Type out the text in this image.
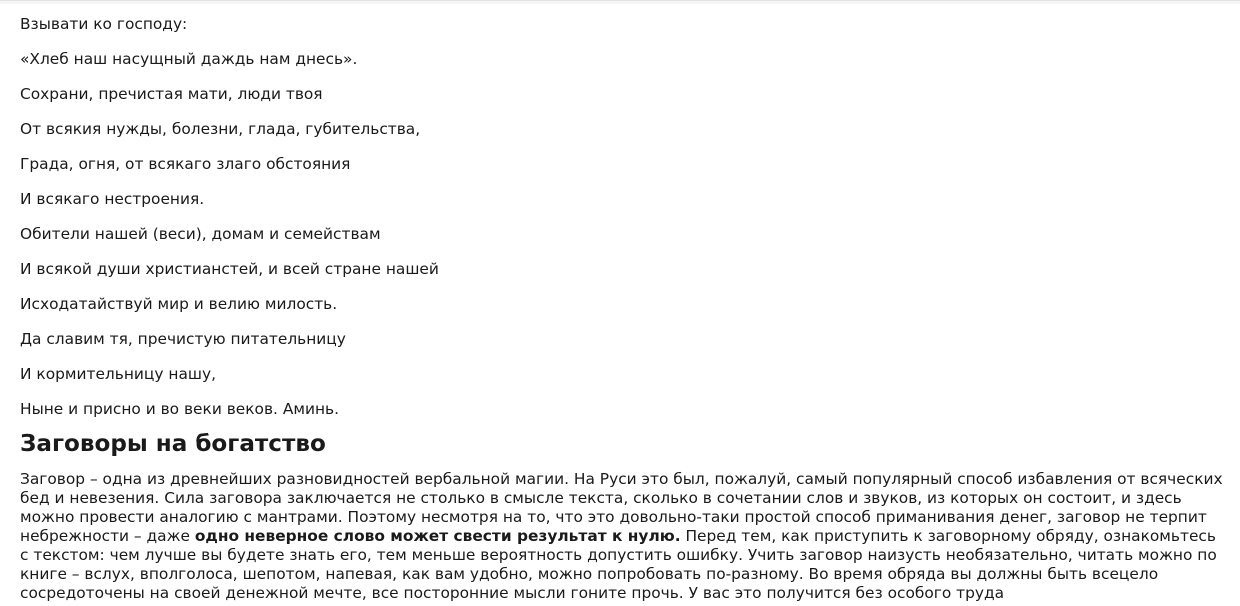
Взывати ко господу:

«Хлеб наш насущный даждь нам днесь».

Сохрани, пречистая мати, люди твоя

От всякия нужды, болезни, глада, губительства,

Града, огня, от всякаго злаго обстояния

И всякаго нестроения.

Обители нашей (веси), домам и семействам

И всякой души христианстей, и всей стране нашей

Исходатайствуй мир и велию милость.

Да славим тя, пречистую питательницу

И кормительницу нашу,

Ныне и присно и во веки веков. Аминь.

Заговоры на богатство

Заговор – одна из древнейших разновидностей вербальной магии. На Руси это был, пожалуй, самый популярный способ избавления от всяческих бед и невезения. Сила заговора заключается не столько в смысле текста, сколько в сочетании слов и звуков, из которых он состоит, и здесь можно провести аналогию с мантрами. Поэтому несмотря на то, что это довольно-таки простой способ приманивания денег, заговор не терпит небрежности – даже одно неверное слово может свести результат к нулю. Перед тем, как приступить к заговорному обряду, ознакомьтесь с текстом: чем лучше вы будете знать его, тем меньше вероятность допустить ошибку. Учить заговор наизусть необязательно, читать можно по книге – вслух, вполголоса, шепотом, напевая, как вам удобно, можно попробовать по-разному. Во время обряда вы должны быть всецело сосредоточены на своей денежной мечте, все посторонние мысли гоните прочь. У вас это получится без особого труда
